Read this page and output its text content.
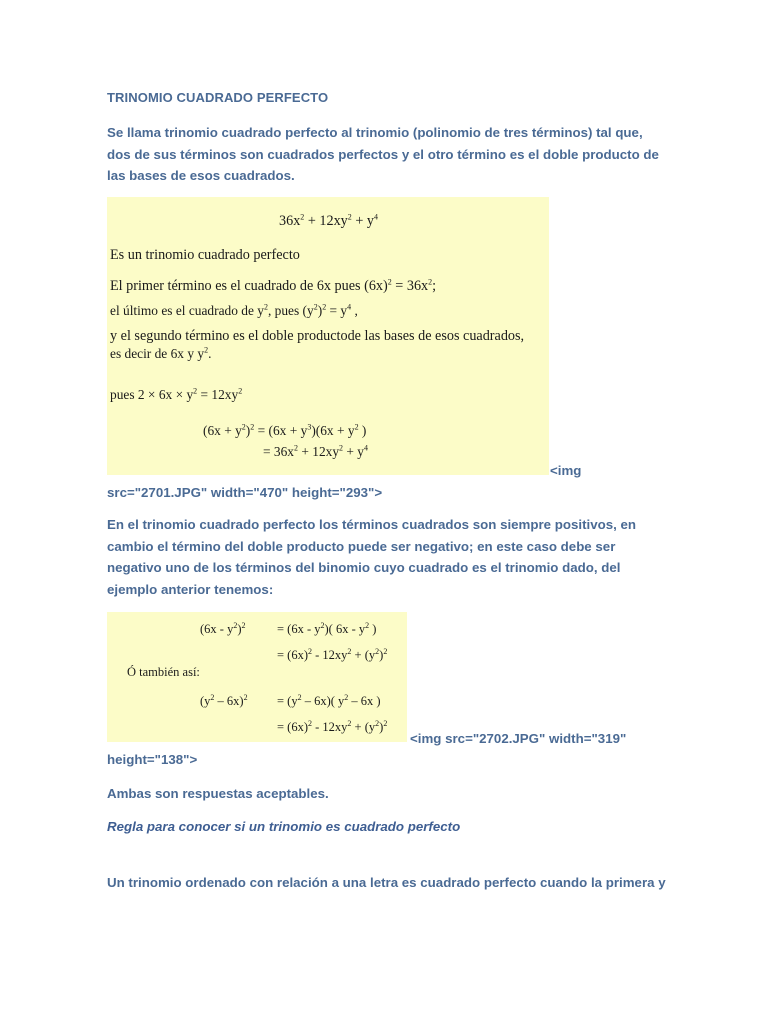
TRINOMIO CUADRADO PERFECTO
Se llama trinomio cuadrado perfecto al trinomio (polinomio de tres términos) tal que, dos de sus términos son cuadrados perfectos y el otro término es el doble producto de las bases de esos cuadrados.
$36x^2 + 12xy^2 + y^4$
Es un trinomio cuadrado perfecto
El primer término es el cuadrado de 6x pues $(6x)^2 = 36x^2$;
el último es el cuadrado de $y^2$, pues $(y^2)^2 = y^4$ ,
y el segundo término es el doble productode las bases de esos cuadrados,
es decir de 6x y $y^2$.
pues $2 \times 6x \times y^2 = 12xy^2$
$(6x + y^2)^2 = (6x + y^3)(6x + y^2$ )
= $36x^2 + 12xy^2 + y^4$
<img
src="2701.JPG" width="470" height="293">
En el trinomio cuadrado perfecto los términos cuadrados son siempre positivos, en cambio el término del doble producto puede ser negativo; en este caso debe ser negativo uno de los términos del binomio cuyo cuadrado es el trinomio dado, del ejemplo anterior tenemos:
$(6x - y^2)^2$	= $(6x - y^2)$( $6x - y^2$ )
= $(6x)^2 - 12xy^2 + (y^2)^2$
Ó también así:
$(y^2 - 6x)^2 = (y^2 - 6x)$( $y^2 - 6x$ )
= $(6x)^2 - 12xy^2 + (y^2)^2$
<img src="2702.JPG" width="319"
height="138">
Ambas son respuestas aceptables.
Regla para conocer si un trinomio es cuadrado perfecto
Un trinomio ordenado con relación a una letra es cuadrado perfecto cuando la primera y
